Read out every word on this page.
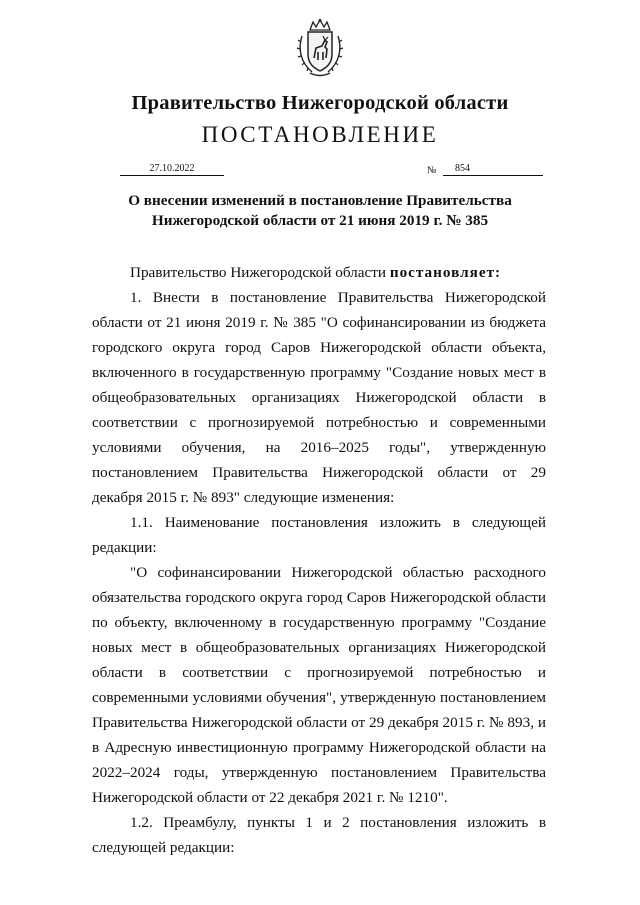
Правительство Нижегородской области
ПОСТАНОВЛЕНИЕ
27.10.2022	№	854
О внесении изменений в постановление Правительства
Нижегородской области от 21 июня 2019 г. № 385

Правительство Нижегородской области постановляет:

1. Внести в постановление Правительства Нижегородской области от 21 июня 2019 г. № 385 "О софинансировании из бюджета городского округа город Саров Нижегородской области объекта, включенного в государственную программу "Создание новых мест в общеобразовательных организациях Нижегородской области в соответствии с прогнозируемой потребностью и современными условиями обучения, на 2016–2025 годы", утвержденную постановлением Правительства Нижегородской области от 29 декабря 2015 г. № 893" следующие изменения:

1.1. Наименование постановления изложить в следующей редакции:

"О софинансировании Нижегородской областью расходного обязательства городского округа город Саров Нижегородской области по объекту, включенному в государственную программу "Создание новых мест в общеобразовательных организациях Нижегородской области в соответствии с прогнозируемой потребностью и современными условиями обучения", утвержденную постановлением Правительства Нижегородской области от 29 декабря 2015 г. № 893, и в Адресную инвестиционную программу Нижегородской области на 2022–2024 годы, утвержденную постановлением Правительства Нижегородской области от 22 декабря 2021 г. № 1210".

1.2. Преамбулу, пункты 1 и 2 постановления изложить в следующей редакции:
